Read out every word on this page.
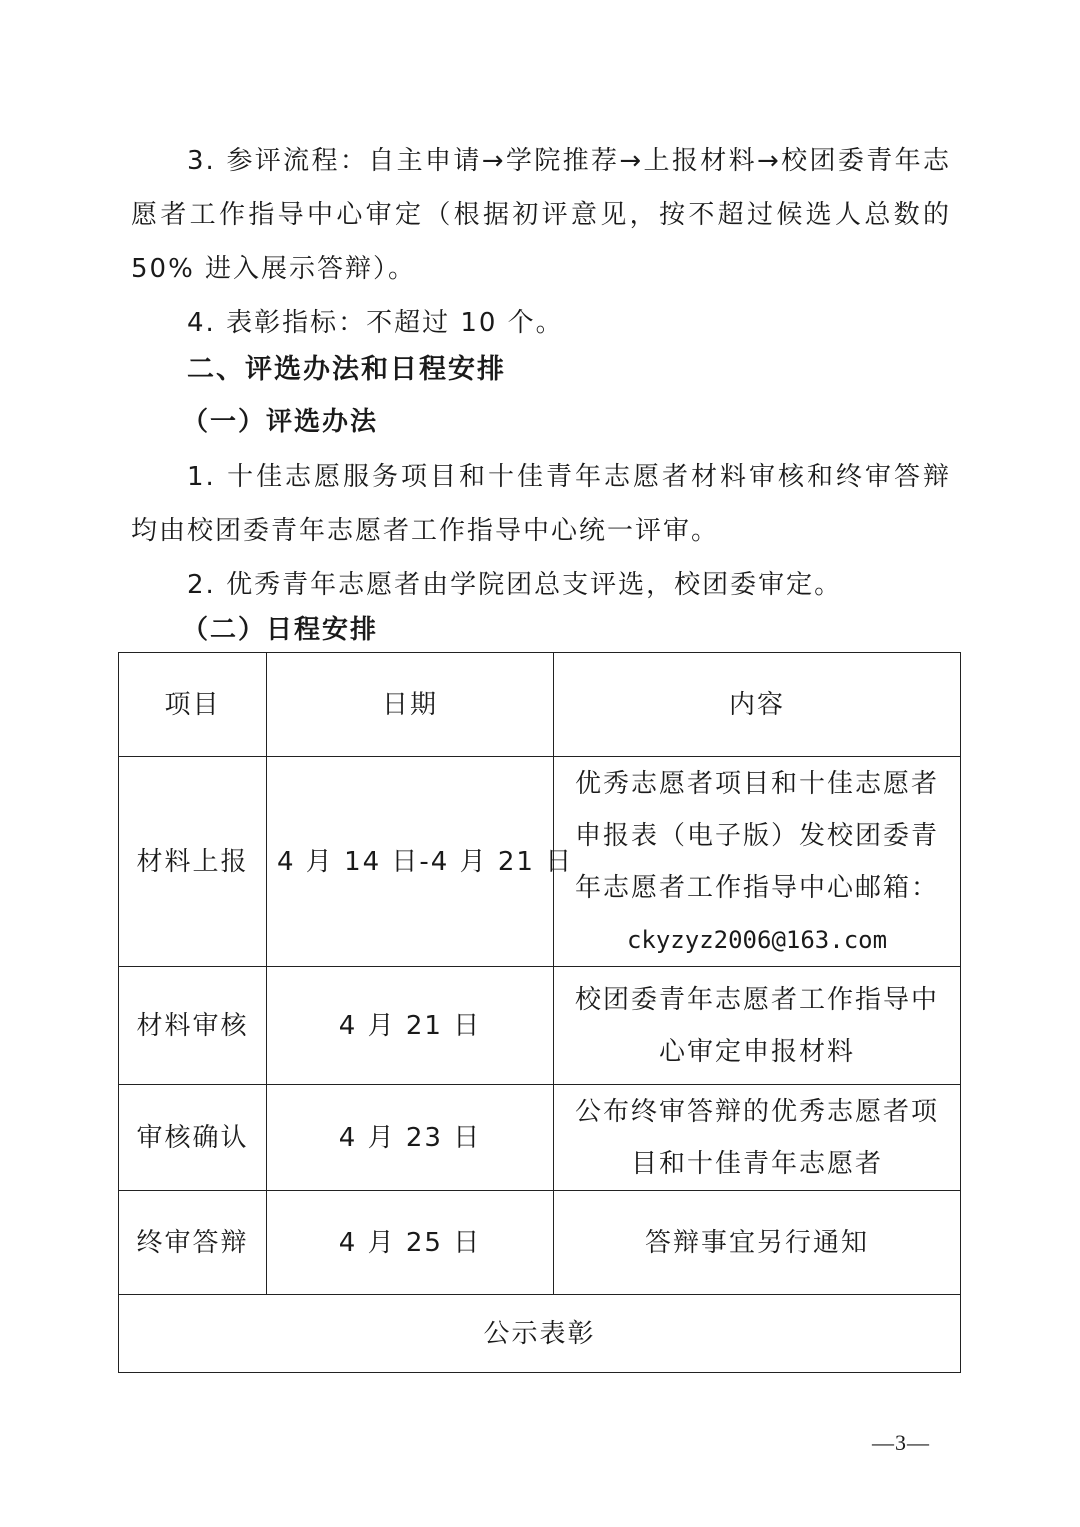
3. 参评流程：自主申请→学院推荐→上报材料→校团委青年志愿者工作指导中心审定（根据初评意见，按不超过候选人总数的 50% 进入展示答辩）。

4. 表彰指标：不超过 10 个。

二、评选办法和日程安排
（一）评选办法

1. 十佳志愿服务项目和十佳青年志愿者材料审核和终审答辩均由校团委青年志愿者工作指导中心统一评审。

2. 优秀青年志愿者由学院团总支评选，校团委审定。

（二）日程安排
项目	日期	内容
材料上报	4 月 14 日-4 月 21 日	优秀志愿者项目和十佳志愿者申报表（电子版）发校团委青年志愿者工作指导中心邮箱：
ckyzyz2006@163.com

材料审核	4 月 21 日	校团委青年志愿者工作指导中心审定申报材料
审核确认	4 月 23 日	公布终审答辩的优秀志愿者项目和十佳青年志愿者
终审答辩	4 月 25 日	答辩事宜另行通知
公示表彰		
—3—
